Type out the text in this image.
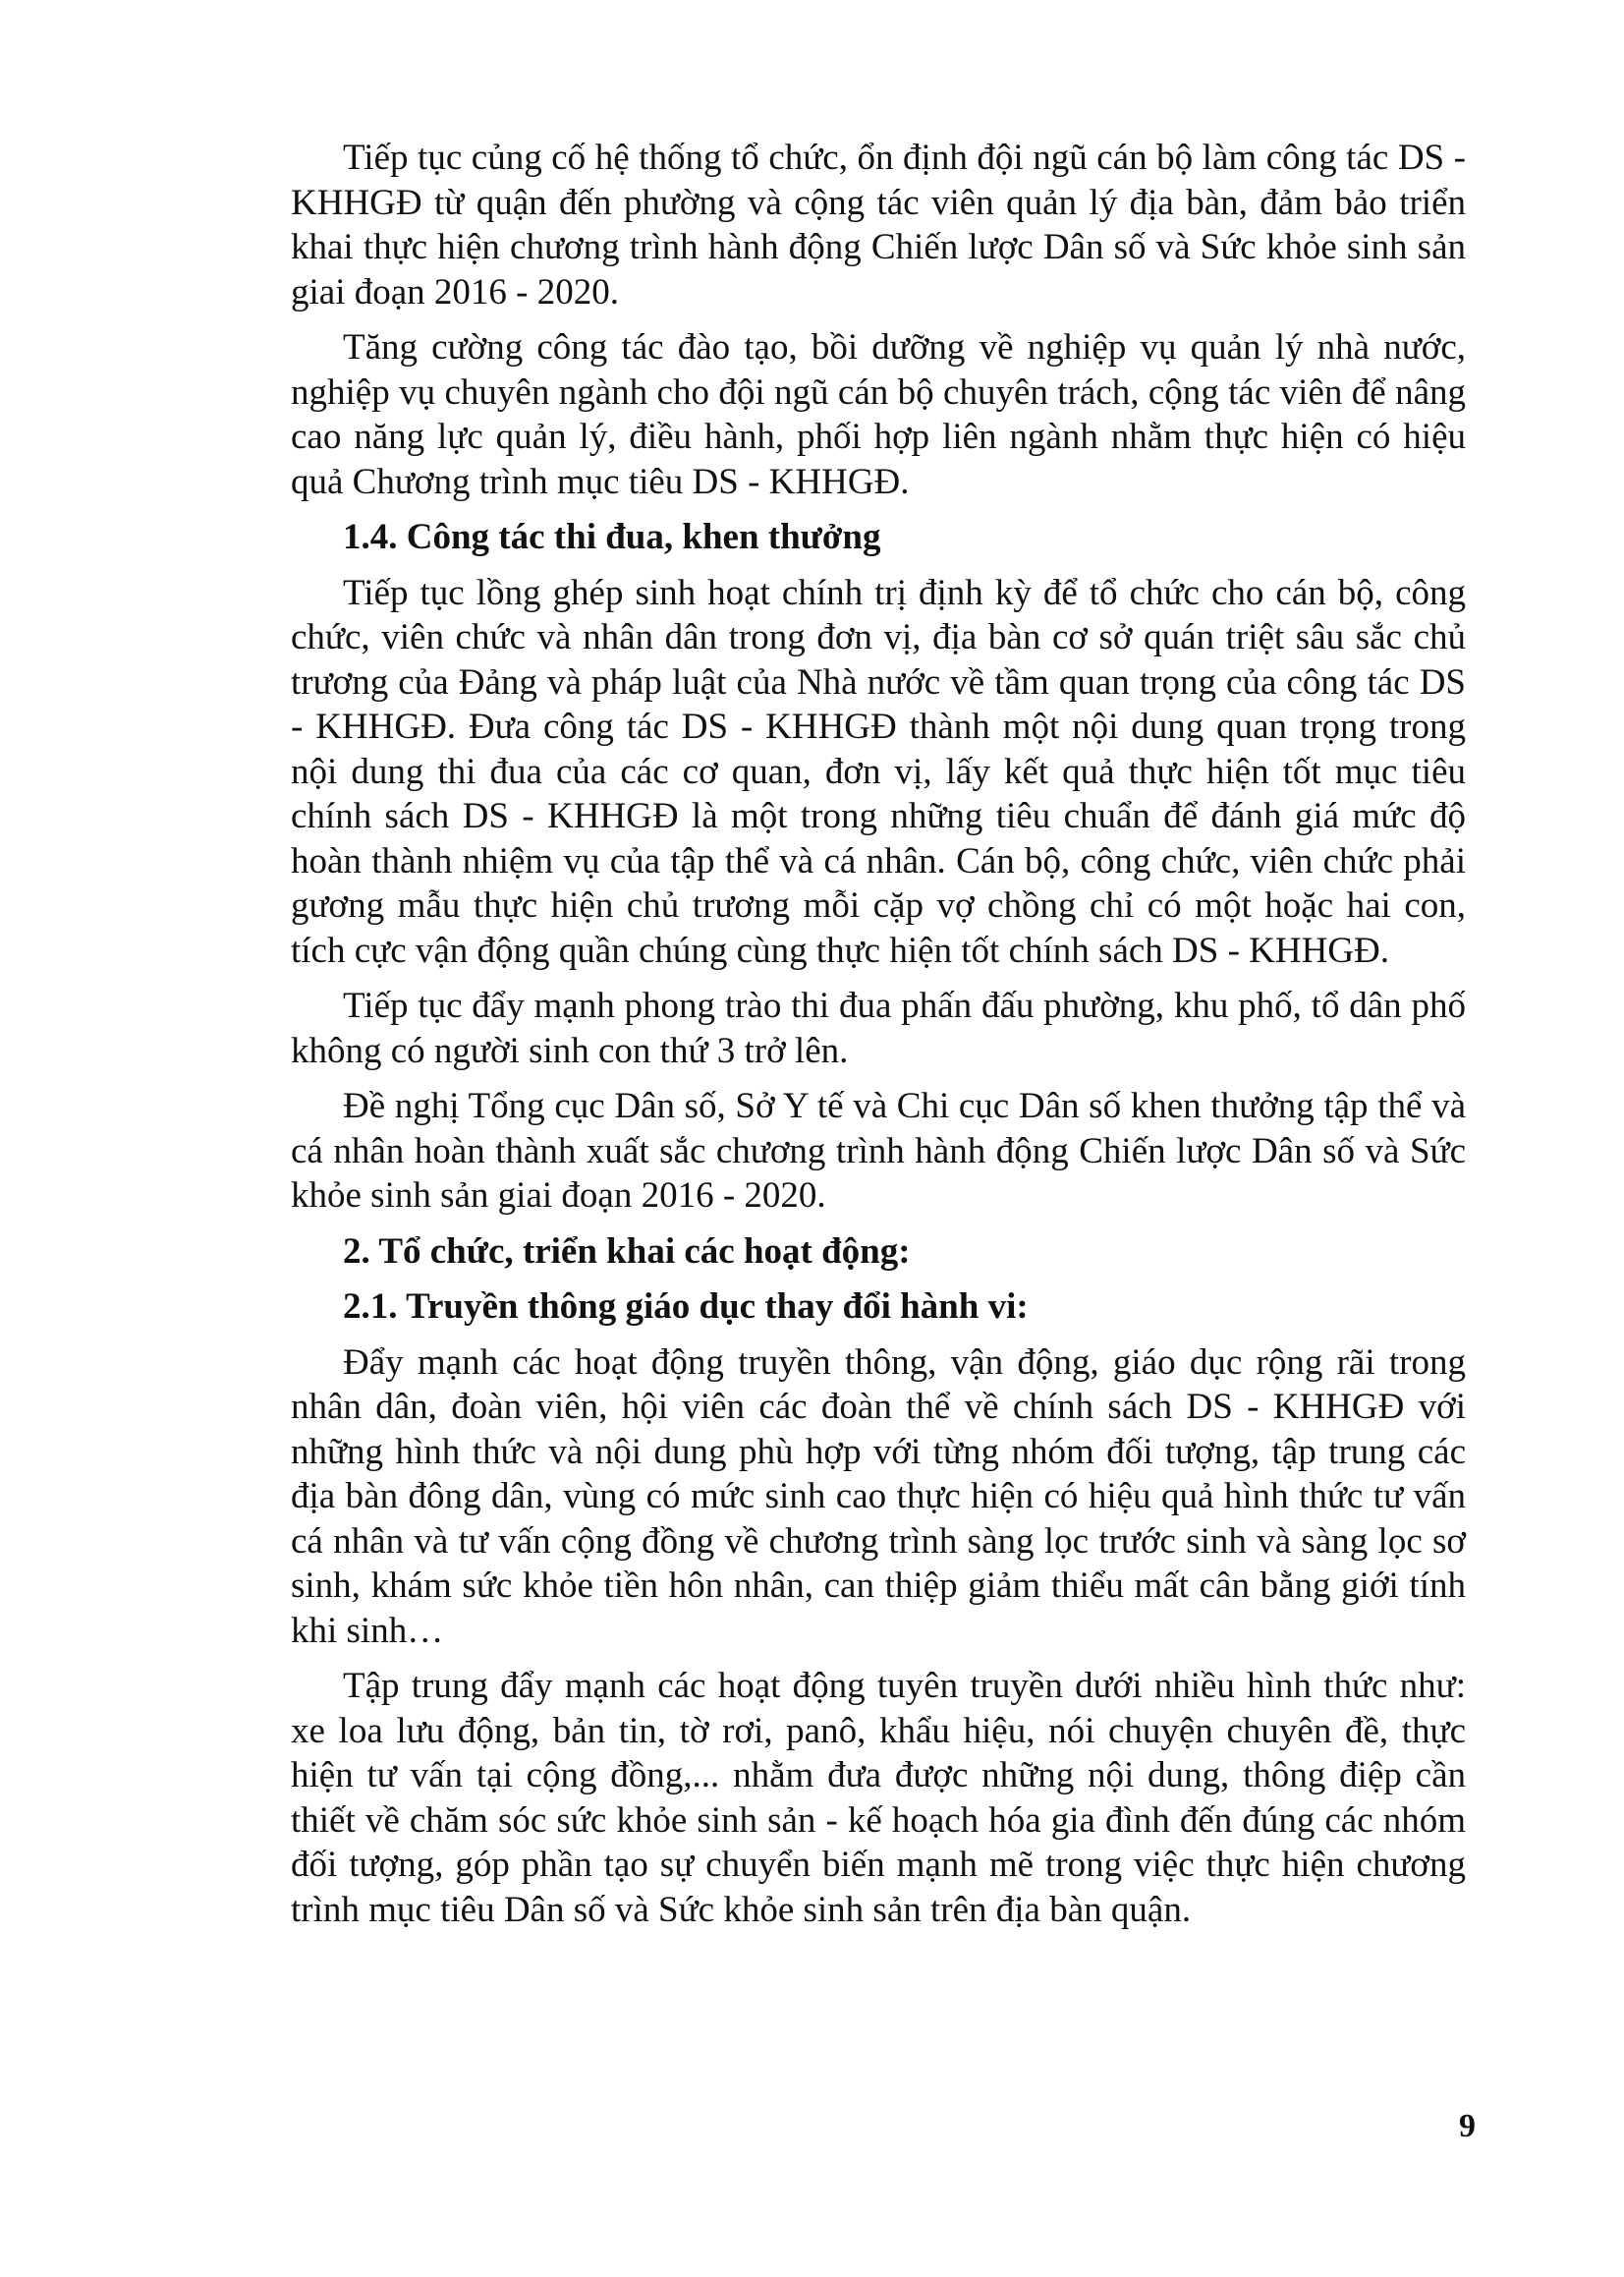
Tiếp tục củng cố hệ thống tổ chức, ổn định đội ngũ cán bộ làm công tác DS - KHHGĐ từ quận đến phường và cộng tác viên quản lý địa bàn, đảm bảo triển khai thực hiện chương trình hành động Chiến lược Dân số và Sức khỏe sinh sản giai đoạn 2016 - 2020.

Tăng cường công tác đào tạo, bồi dưỡng về nghiệp vụ quản lý nhà nước, nghiệp vụ chuyên ngành cho đội ngũ cán bộ chuyên trách, cộng tác viên để nâng cao năng lực quản lý, điều hành, phối hợp liên ngành nhằm thực hiện có hiệu quả Chương trình mục tiêu DS - KHHGĐ.

1.4. Công tác thi đua, khen thưởng

Tiếp tục lồng ghép sinh hoạt chính trị định kỳ để tổ chức cho cán bộ, công chức, viên chức và nhân dân trong đơn vị, địa bàn cơ sở quán triệt sâu sắc chủ trương của Đảng và pháp luật của Nhà nước về tầm quan trọng của công tác DS - KHHGĐ. Đưa công tác DS - KHHGĐ thành một nội dung quan trọng trong nội dung thi đua của các cơ quan, đơn vị, lấy kết quả thực hiện tốt mục tiêu chính sách DS - KHHGĐ là một trong những tiêu chuẩn để đánh giá mức độ hoàn thành nhiệm vụ của tập thể và cá nhân. Cán bộ, công chức, viên chức phải gương mẫu thực hiện chủ trương mỗi cặp vợ chồng chỉ có một hoặc hai con, tích cực vận động quần chúng cùng thực hiện tốt chính sách DS - KHHGĐ.

Tiếp tục đẩy mạnh phong trào thi đua phấn đấu phường, khu phố, tổ dân phố không có người sinh con thứ 3 trở lên.

Đề nghị Tổng cục Dân số, Sở Y tế và Chi cục Dân số khen thưởng tập thể và cá nhân hoàn thành xuất sắc chương trình hành động Chiến lược Dân số và Sức khỏe sinh sản giai đoạn 2016 - 2020.

2. Tổ chức, triển khai các hoạt động:

2.1. Truyền thông giáo dục thay đổi hành vi:

Đẩy mạnh các hoạt động truyền thông, vận động, giáo dục rộng rãi trong nhân dân, đoàn viên, hội viên các đoàn thể về chính sách DS - KHHGĐ với những hình thức và nội dung phù hợp với từng nhóm đối tượng, tập trung các địa bàn đông dân, vùng có mức sinh cao thực hiện có hiệu quả hình thức tư vấn cá nhân và tư vấn cộng đồng về chương trình sàng lọc trước sinh và sàng lọc sơ sinh, khám sức khỏe tiền hôn nhân, can thiệp giảm thiểu mất cân bằng giới tính khi sinh…

Tập trung đẩy mạnh các hoạt động tuyên truyền dưới nhiều hình thức như: xe loa lưu động, bản tin, tờ rơi, panô, khẩu hiệu, nói chuyện chuyên đề, thực hiện tư vấn tại cộng đồng,... nhằm đưa được những nội dung, thông điệp cần thiết về chăm sóc sức khỏe sinh sản - kế hoạch hóa gia đình đến đúng các nhóm đối tượng, góp phần tạo sự chuyển biến mạnh mẽ trong việc thực hiện chương trình mục tiêu Dân số và Sức khỏe sinh sản trên địa bàn quận.

9
